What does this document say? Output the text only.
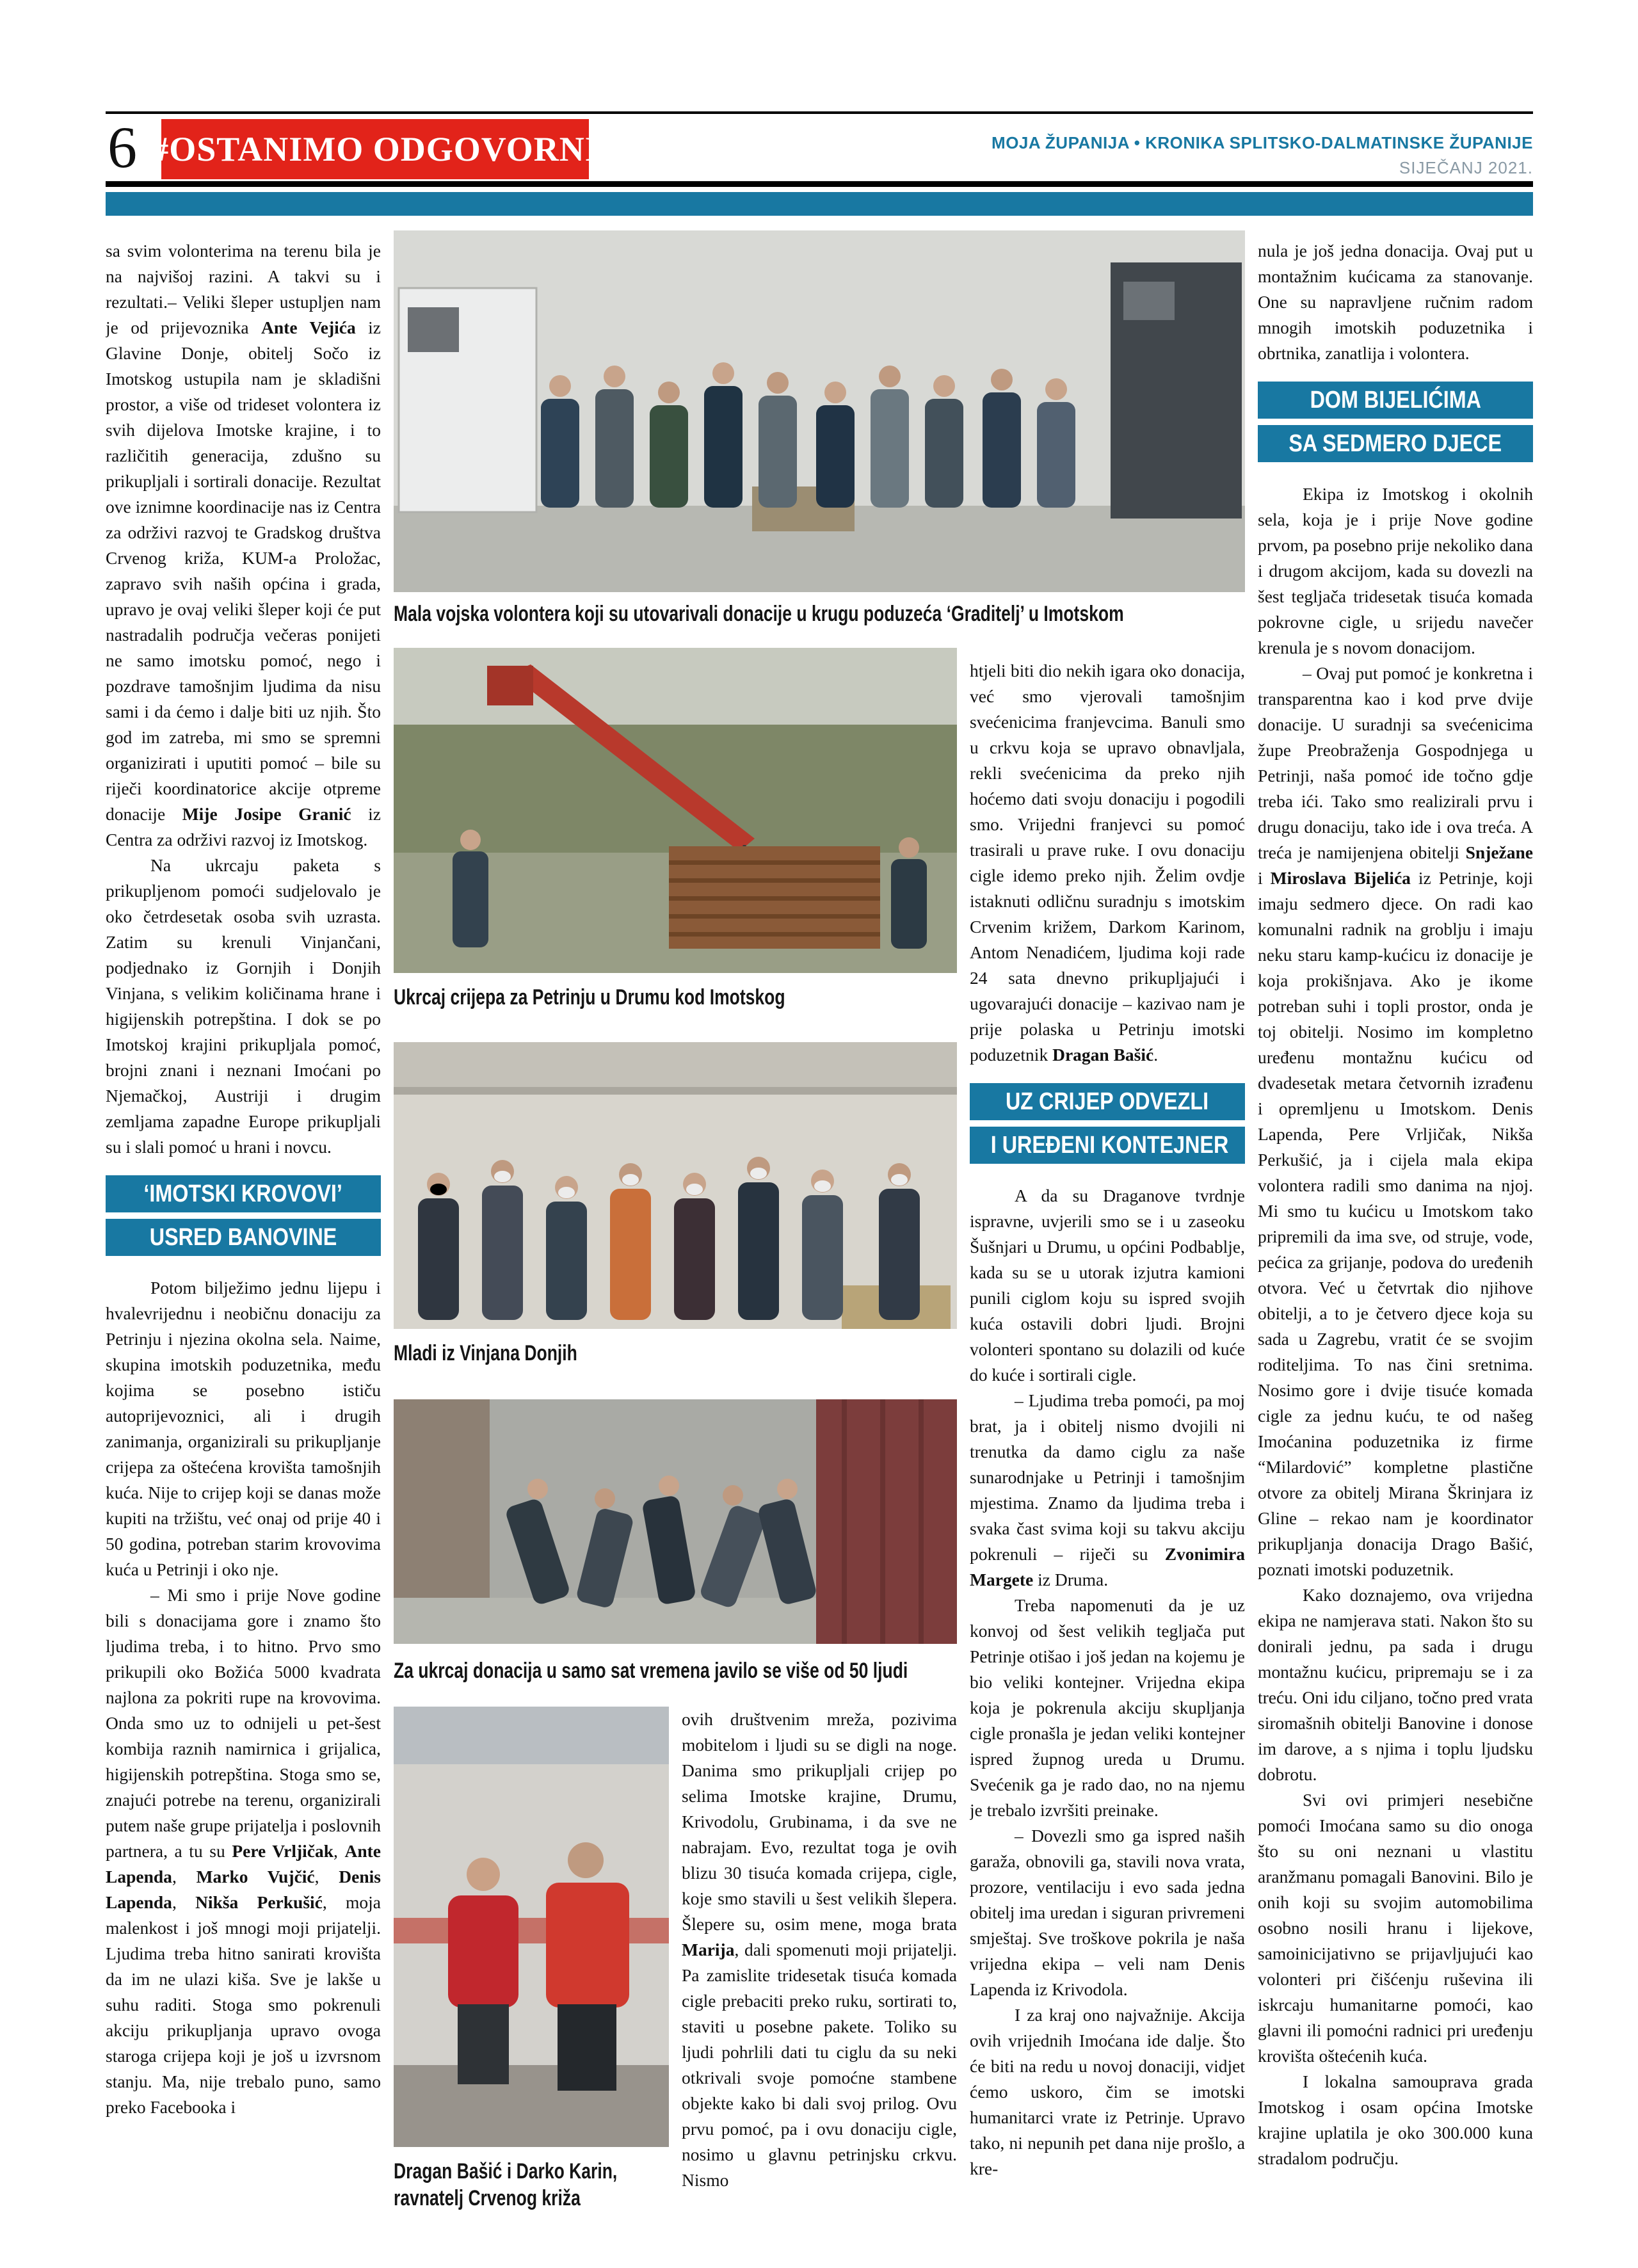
6 #OSTANIMO ODGOVORNI	MOJA ŽUPANIJA • KRONIKA SPLITSKO-DALMATINSKE ŽUPANIJE
SIJEČANJ 2021.
Mala vojska volontera koji su utovarivali donacije u krugu poduzeća ‘Graditelj’ u Imotskom
Ukrcaj crijepa za Petrinju u Drumu kod Imotskog
Mladi iz Vinjana Donjih
Za ukrcaj donacija u samo sat vremena javilo se više od 50 ljudi
Dragan Bašić i Darko Karin, ravnatelj Crvenog križa

sa svim volonterima na terenu bila je na najvišoj razini. A takvi su i rezultati.– Veliki šleper ustupljen nam je od prijevoznika Ante Vejića iz Glavine Donje, obitelj Sočo iz Imotskog ustupila nam je skladišni prostor, a više od trideset volontera iz svih dijelova Imotske krajine, i to različitih generacija, zdušno su prikupljali i sortirali donacije. Rezultat ove iznimne koordinacije nas iz Centra za održivi razvoj te Gradskog društva Crvenog križa, KUM-a Proložac, zapravo svih naših općina i grada, upravo je ovaj veliki šleper koji će put nastradalih područja večeras ponijeti ne samo imotsku pomoć, nego i pozdrave tamošnjim ljudima da nisu sami i da ćemo i dalje biti uz njih. Što god im zatreba, mi smo se spremni organizirati i uputiti pomoć – bile su riječi koordinatorice akcije otpreme donacije Mije Josipe Granić iz Centra za održivi razvoj iz Imotskog.

Na ukrcaju paketa s prikupljenom pomoći sudjelovalo je oko četrdesetak osoba svih uzrasta. Zatim su krenuli Vinjančani, podjednako iz Gornjih i Donjih Vinjana, s velikim količinama hrane i higijenskih potrepština. I dok se po Imotskoj krajini prikupljala pomoć, brojni znani i neznani Imoćani po Njemačkoj, Austriji i drugim zemljama zapadne Europe prikupljali su i slali pomoć u hrani i novcu.

‘IMOTSKI KROVOVI’
USRED BANOVINE

Potom bilježimo jednu lijepu i hvalevrijednu i neobičnu donaciju za Petrinju i njezina okolna sela. Naime, skupina imotskih poduzetnika, među kojima se posebno ističu autoprijevoznici, ali i drugih zanimanja, organizirali su prikupljanje crijepa za oštećena krovišta tamošnjih kuća. Nije to crijep koji se danas može kupiti na tržištu, već onaj od prije 40 i 50 godina, potreban starim krovovima kuća u Petrinji i oko nje.

– Mi smo i prije Nove godine bili s donacijama gore i znamo što ljudima treba, i to hitno. Prvo smo prikupili oko Božića 5000 kvadrata najlona za pokriti rupe na krovovima. Onda smo uz to odnijeli u pet-šest kombija raznih namirnica i grijalica, higijenskih potrepština. Stoga smo se, znajući potrebe na terenu, organizirali putem naše grupe prijatelja i poslovnih partnera, a tu su Pere Vrljičak, Ante Lapenda, Marko Vujčić, Denis Lapenda, Nikša Perkušić, moja malenkost i još mnogi moji prijatelji. Ljudima treba hitno sanirati krovišta da im ne ulazi kiša. Sve je lakše u suhu raditi. Stoga smo pokrenuli akciju prikupljanja upravo ovoga staroga crijepa koji je još u izvrsnom stanju. Ma, nije trebalo puno, samo preko Facebooka i

ovih društvenim mreža, pozivima mobitelom i ljudi su se digli na noge. Danima smo prikupljali crijep po selima Imotske krajine, Drumu, Krivodolu, Grubinama, i da sve ne nabrajam. Evo, rezultat toga je ovih blizu 30 tisuća komada crijepa, cigle, koje smo stavili u šest velikih šlepera. Šlepere su, osim mene, moga brata Marija, dali spomenuti moji prijatelji. Pa zamislite tridesetak tisuća komada cigle prebaciti preko ruku, sortirati to, staviti u posebne pakete. Toliko su ljudi pohrlili dati tu ciglu da su neki otkrivali svoje pomoćne stambene objekte kako bi dali svoj prilog. Ovu prvu pomoć, pa i ovu donaciju cigle, nosimo u glavnu petrinjsku crkvu. Nismo

htjeli biti dio nekih igara oko donacija, već smo vjerovali tamošnjim svećenicima franjevcima. Banuli smo u crkvu koja se upravo obnavljala, rekli svećenicima da preko njih hoćemo dati svoju donaciju i pogodili smo. Vrijedni franjevci su pomoć trasirali u prave ruke. I ovu donaciju cigle idemo preko njih. Želim ovdje istaknuti odličnu suradnju s imotskim Crvenim križem, Darkom Karinom, Antom Nenadićem, ljudima koji rade 24 sata dnevno prikupljajući i ugovarajući donacije – kazivao nam je prije polaska u Petrinju imotski poduzetnik Dragan Bašić.

UZ CRIJEP ODVEZLI
I UREĐENI KONTEJNER

A da su Draganove tvrdnje ispravne, uvjerili smo se i u zaseoku Šušnjari u Drumu, u općini Podbablje, kada su se u utorak izjutra kamioni punili ciglom koju su ispred svojih kuća ostavili dobri ljudi. Brojni volonteri spontano su dolazili od kuće do kuće i sortirali cigle.

– Ljudima treba pomoći, pa moj brat, ja i obitelj nismo dvojili ni trenutka da damo ciglu za naše sunarodnjake u Petrinji i tamošnjim mjestima. Znamo da ljudima treba i svaka čast svima koji su takvu akciju pokrenuli – riječi su Zvonimira Margete iz Druma.

Treba napomenuti da je uz konvoj od šest velikih tegljača put Petrinje otišao i još jedan na kojemu je bio veliki kontejner. Vrijedna ekipa koja je pokrenula akciju skupljanja cigle pronašla je jedan veliki kontejner ispred župnog ureda u Drumu. Svećenik ga je rado dao, no na njemu je trebalo izvršiti preinake.

– Dovezli smo ga ispred naših garaža, obnovili ga, stavili nova vrata, prozore, ventilaciju i evo sada jedna obitelj ima uredan i siguran privremeni smještaj. Sve troškove pokrila je naša vrijedna ekipa – veli nam Denis Lapenda iz Krivodola.

I za kraj ono najvažnije. Akcija ovih vrijednih Imoćana ide dalje. Što će biti na redu u novoj donaciji, vidjet ćemo uskoro, čim se imotski humanitarci vrate iz Petrinje. Upravo tako, ni nepunih pet dana nije prošlo, a kre-

nula je još jedna donacija. Ovaj put u montažnim kućicama za stanovanje. One su napravljene ručnim radom mnogih imotskih poduzetnika i obrtnika, zanatlija i volontera.

DOM BIJELIĆIMA
SA SEDMERO DJECE

Ekipa iz Imotskog i okolnih sela, koja je i prije Nove godine prvom, pa posebno prije nekoliko dana i drugom akcijom, kada su dovezli na šest tegljača tridesetak tisuća komada pokrovne cigle, u srijedu navečer krenula je s novom donacijom.

– Ovaj put pomoć je konkretna i transparentna kao i kod prve dvije donacije. U suradnji sa svećenicima župe Preobraženja Gospodnjega u Petrinji, naša pomoć ide točno gdje treba ići. Tako smo realizirali prvu i drugu donaciju, tako ide i ova treća. A treća je namijenjena obitelji Snježane i Miroslava Bijelića iz Petrinje, koji imaju sedmero djece. On radi kao komunalni radnik na groblju i imaju neku staru kamp-kućicu iz donacije je koja prokišnjava. Ako je ikome potreban suhi i topli prostor, onda je toj obitelji. Nosimo im kompletno uređenu montažnu kućicu od dvadesetak metara četvornih izrađenu i opremljenu u Imotskom. Denis Lapenda, Pere Vrljičak, Nikša Perkušić, ja i cijela mala ekipa volontera radili smo danima na njoj. Mi smo tu kućicu u Imotskom tako pripremili da ima sve, od struje, vode, pećica za grijanje, podova do uređenih otvora. Već u četvrtak dio njihove obitelji, a to je četvero djece koja su sada u Zagrebu, vratit će se svojim roditeljima. To nas čini sretnima. Nosimo gore i dvije tisuće komada cigle za jednu kuću, te od našeg Imoćanina poduzetnika iz firme “Milardović” kompletne plastične otvore za obitelj Mirana Škrinjara iz Gline – rekao nam je koordinator prikupljanja donacija Drago Bašić, poznati imotski poduzetnik.

Kako doznajemo, ova vrijedna ekipa ne namjerava stati. Nakon što su donirali jednu, pa sada i drugu montažnu kućicu, pripremaju se i za treću. Oni idu ciljano, točno pred vrata siromašnih obitelji Banovine i donose im darove, a s njima i toplu ljudsku dobrotu.

Svi ovi primjeri nesebične pomoći Imoćana samo su dio onoga što su oni neznani u vlastitu aranžmanu pomagali Banovini. Bilo je onih koji su svojim automobilima osobno nosili hranu i lijekove, samoinicijativno se prijavljujući kao volonteri pri čišćenju ruševina ili iskrcaju humanitarne pomoći, kao glavni ili pomoćni radnici pri uređenju krovišta oštećenih kuća.

I lokalna samouprava grada Imotskog i osam općina Imotske krajine uplatila je oko 300.000 kuna stradalom području.
